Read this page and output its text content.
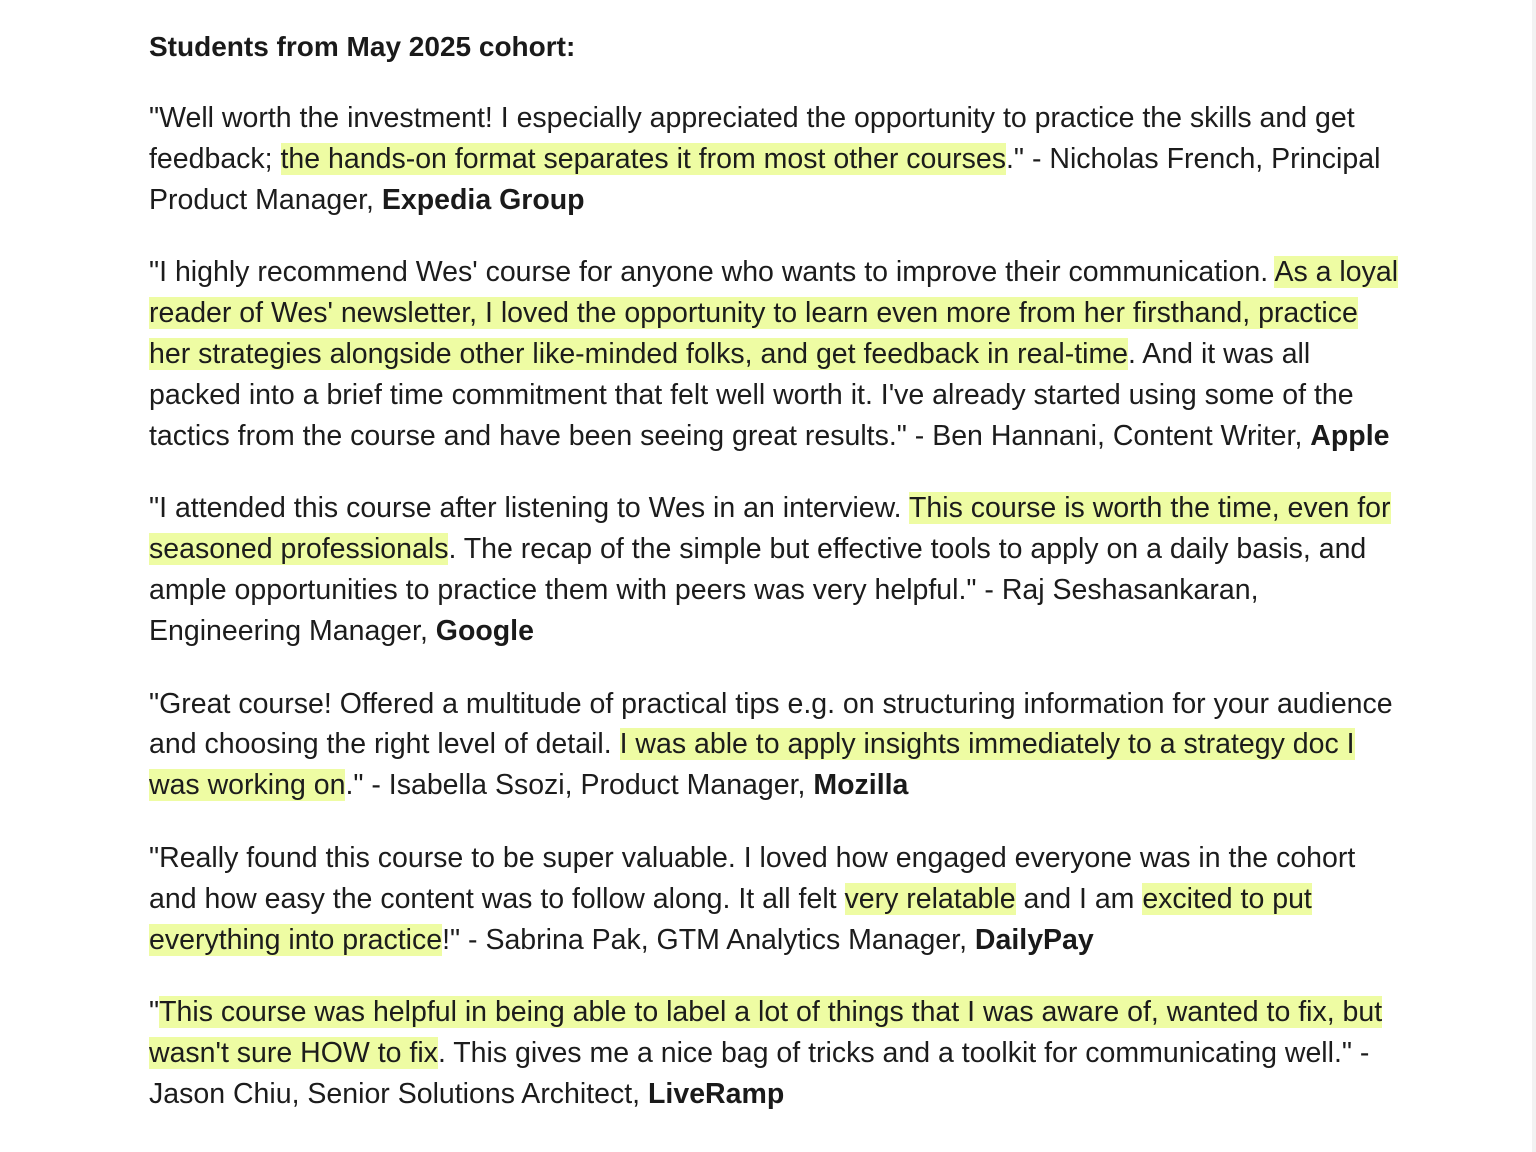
Students from May 2025 cohort:

"Well worth the investment! I especially appreciated the opportunity to practice the skills and get feedback; the hands-on format separates it from most other courses." - Nicholas French, Principal Product Manager, Expedia Group

"I highly recommend Wes' course for anyone who wants to improve their communication. As a loyal reader of Wes' newsletter, I loved the opportunity to learn even more from her firsthand, practice her strategies alongside other like-minded folks, and get feedback in real-time. And it was all packed into a brief time commitment that felt well worth it. I've already started using some of the tactics from the course and have been seeing great results." - Ben Hannani, Content Writer, Apple

"I attended this course after listening to Wes in an interview. This course is worth the time, even for seasoned professionals. The recap of the simple but effective tools to apply on a daily basis, and ample opportunities to practice them with peers was very helpful." - Raj Seshasankaran, Engineering Manager, Google

"Great course! Offered a multitude of practical tips e.g. on structuring information for your audience and choosing the right level of detail. I was able to apply insights immediately to a strategy doc I was working on." - Isabella Ssozi, Product Manager, Mozilla

"Really found this course to be super valuable. I loved how engaged everyone was in the cohort and how easy the content was to follow along. It all felt very relatable and I am excited to put everything into practice!" - Sabrina Pak, GTM Analytics Manager, DailyPay

"This course was helpful in being able to label a lot of things that I was aware of, wanted to fix, but wasn't sure HOW to fix. This gives me a nice bag of tricks and a toolkit for communicating well." - Jason Chiu, Senior Solutions Architect, LiveRamp
